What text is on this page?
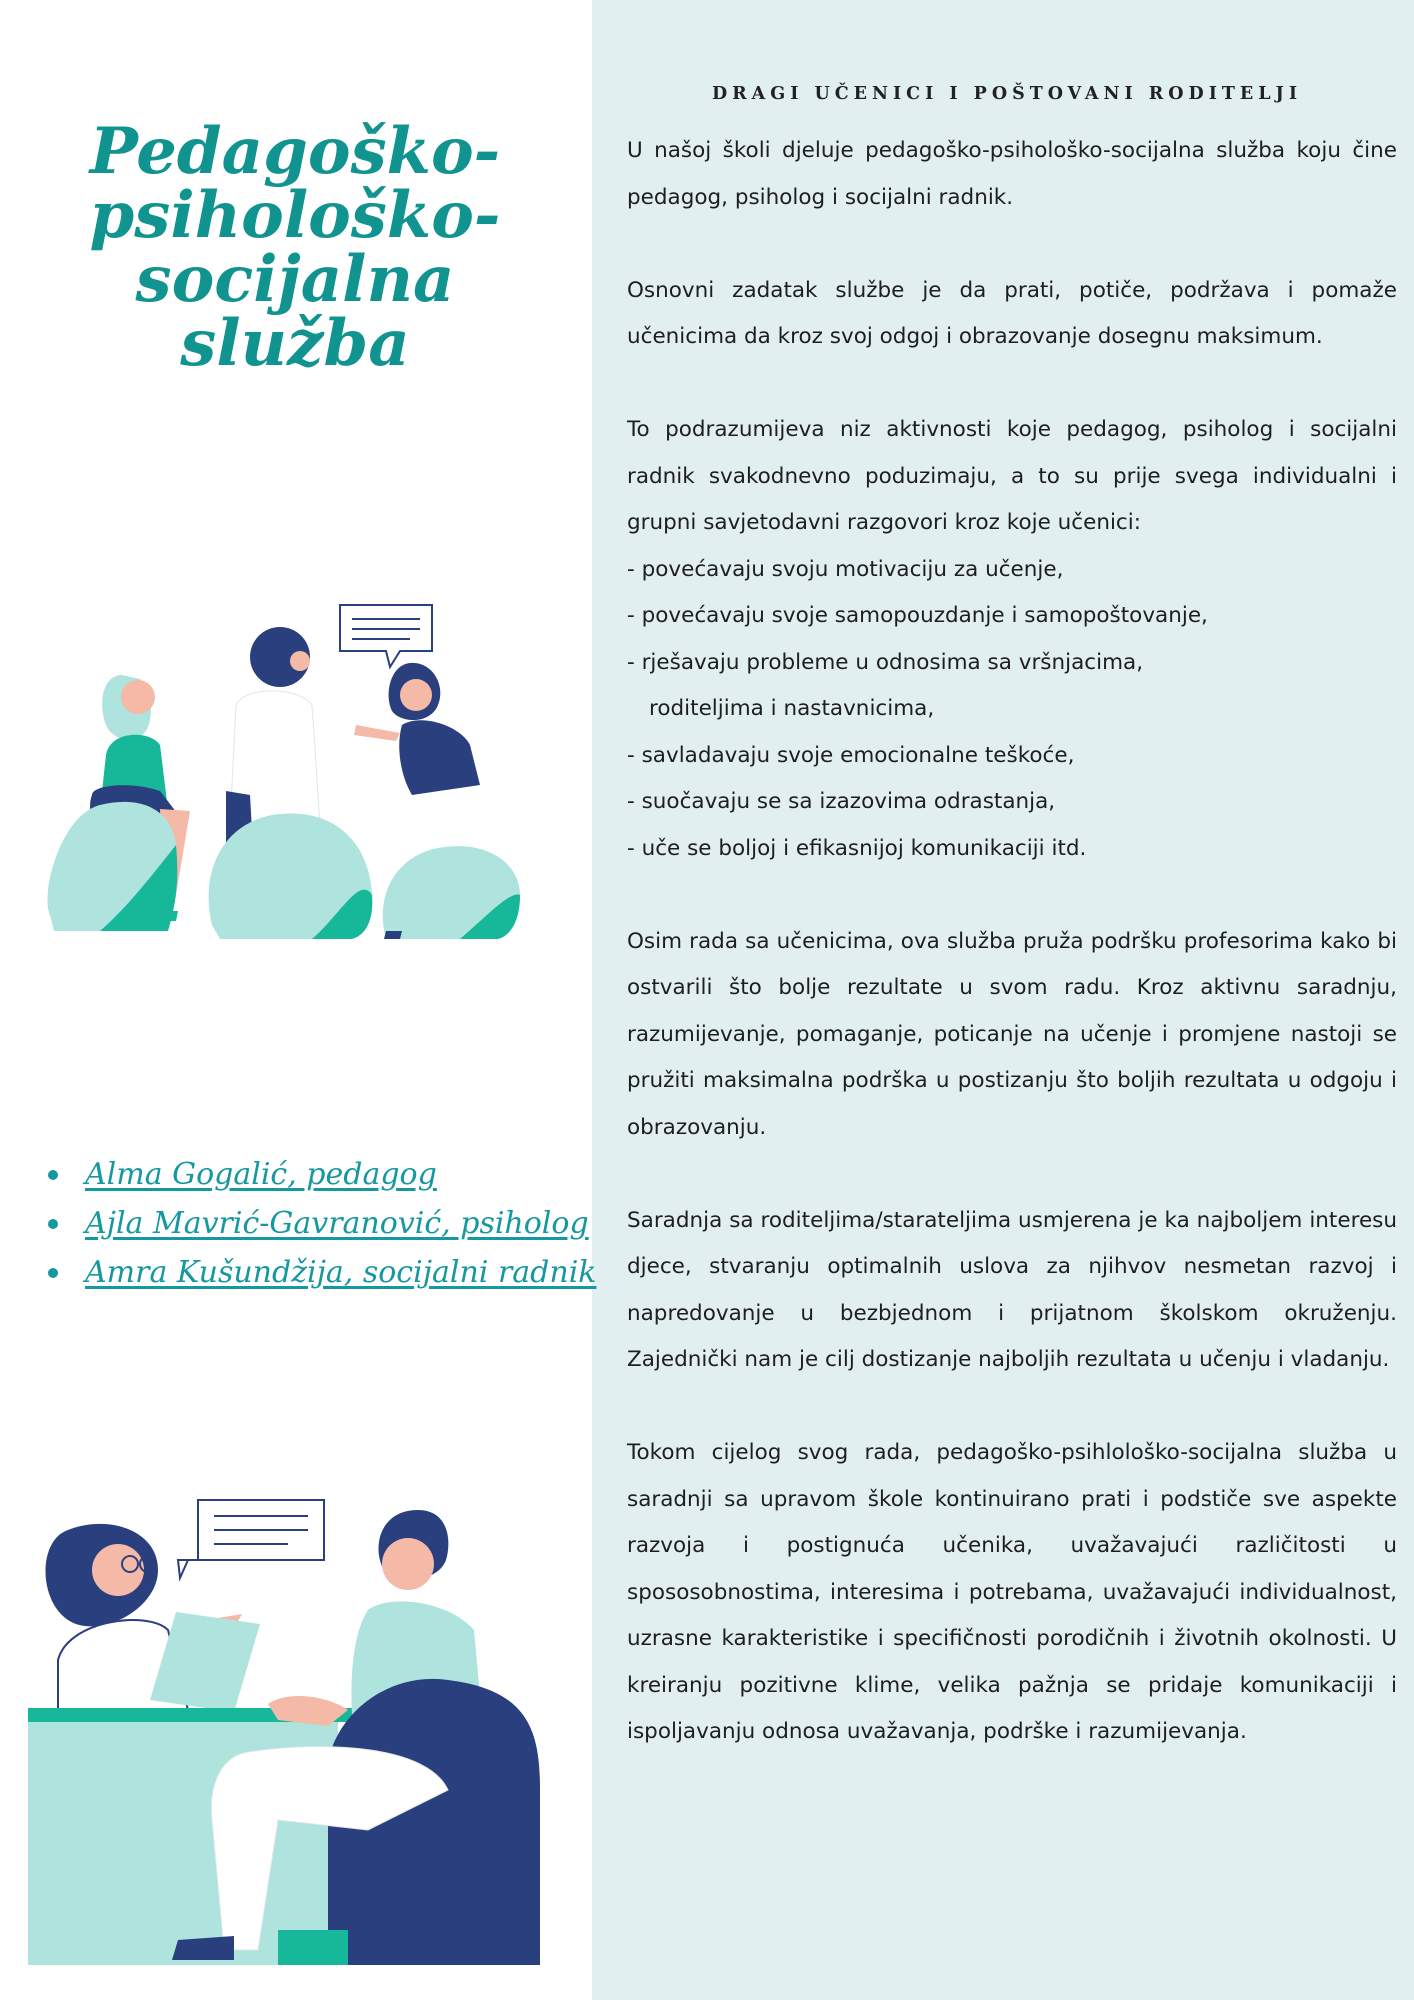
Pedagoško-
psihološko-
socijalna
služba
Alma Gogalić, pedagog
Ajla Mavrić-Gavranović, psiholog
Amra Kušundžija, socijalni radnik
DRAGI UČENICI I POŠTOVANI RODITELJI

U našoj školi djeluje pedagoško-psihološko-socijalna služba koju čine pedagog, psiholog i socijalni radnik.

Osnovni zadatak službe je da prati, potiče, podržava i pomaže učenicima da kroz svoj odgoj i obrazovanje dosegnu maksimum.

To podrazumijeva niz aktivnosti koje pedagog, psiholog i socijalni radnik svakodnevno poduzimaju, a to su prije svega individualni i grupni savjetodavni razgovori kroz koje učenici:
- povećavaju svoju motivaciju za učenje,
- povećavaju svoje samopouzdanje i samopoštovanje,
- rješavaju probleme u odnosima sa vršnjacima,
roditeljima i nastavnicima,
- savladavaju svoje emocionalne teškoće,
- suočavaju se sa izazovima odrastanja,
- uče se boljoj i efikasnijoj komunikaciji itd.

Osim rada sa učenicima, ova služba pruža podršku profesorima kako bi ostvarili što bolje rezultate u svom radu. Kroz aktivnu saradnju, razumijevanje, pomaganje, poticanje na učenje i promjene nastoji se pružiti maksimalna podrška u postizanju što boljih rezultata u odgoju i obrazovanju.

Saradnja sa roditeljima/starateljima usmjerena je ka najboljem interesu djece, stvaranju optimalnih uslova za njihvov nesmetan razvoj i napredovanje u bezbjednom i prijatnom školskom okruženju. Zajednički nam je cilj dostizanje najboljih rezultata u učenju i vladanju.

Tokom cijelog svog rada, pedagoško-psihlološko-socijalna služba u saradnji sa upravom škole kontinuirano prati i podstiče sve aspekte razvoja i postignuća učenika, uvažavajući različitosti u spososobnostima, interesima i potrebama, uvažavajući individualnost, uzrasne karakteristike i specifičnosti porodičnih i životnih okolnosti. U kreiranju pozitivne klime, velika pažnja se pridaje komunikaciji i ispoljavanju odnosa uvažavanja, podrške i razumijevanja.
